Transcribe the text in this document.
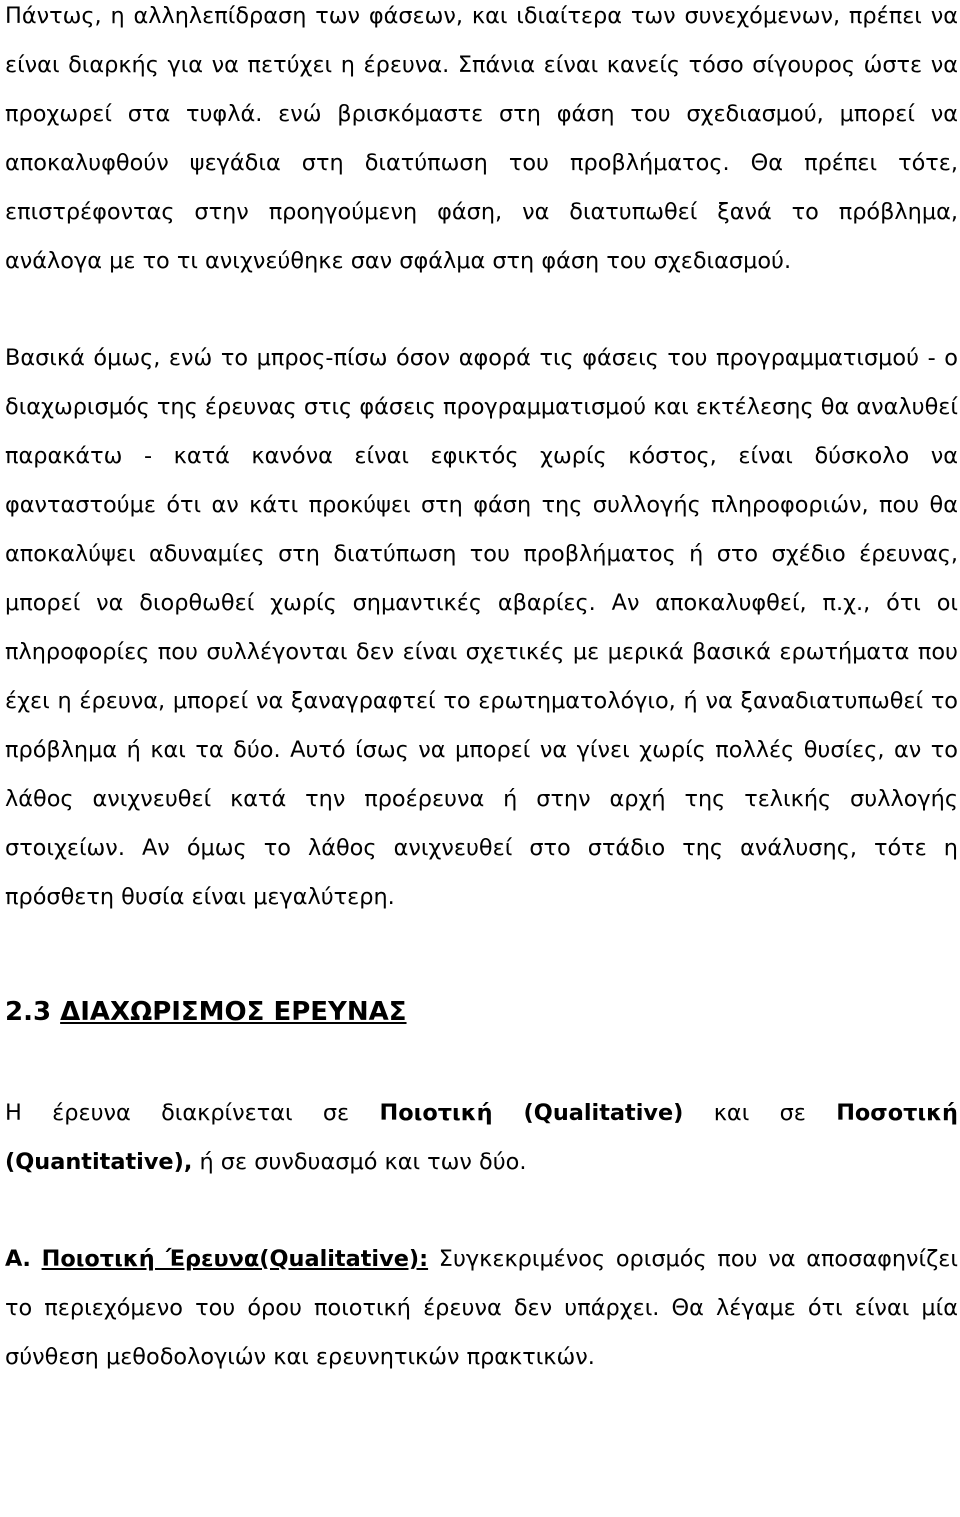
Πάντως, η αλληλεπίδραση των φάσεων, και ιδιαίτερα των συνεχόμενων, πρέπει να είναι διαρκής για να πετύχει η έρευνα. Σπάνια είναι κανείς τόσο σίγουρος ώστε να προχωρεί στα τυφλά. ενώ βρισκόμαστε στη φάση του σχεδιασμού, μπορεί να αποκαλυφθούν ψεγάδια στη διατύπωση του προβλήματος. Θα πρέπει τότε, επιστρέφοντας στην προηγούμενη φάση, να διατυπωθεί ξανά το πρόβλημα, ανάλογα με το τι ανιχνεύθηκε σαν σφάλμα στη φάση του σχεδιασμού.

Βασικά όμως, ενώ το μπρος-πίσω όσον αφορά τις φάσεις του προγραμματισμού - ο διαχωρισμός της έρευνας στις φάσεις προγραμματισμού και εκτέλεσης θα αναλυθεί παρακάτω - κατά κανόνα είναι εφικτός χωρίς κόστος, είναι δύσκολο να φανταστούμε ότι αν κάτι προκύψει στη φάση της συλλογής πληροφοριών, που θα αποκαλύψει αδυναμίες στη διατύπωση του προβλήματος ή στο σχέδιο έρευνας, μπορεί να διορθωθεί χωρίς σημαντικές αβαρίες. Αν αποκαλυφθεί, π.χ., ότι οι πληροφορίες που συλλέγονται δεν είναι σχετικές με μερικά βασικά ερωτήματα που έχει η έρευνα, μπορεί να ξαναγραφτεί το ερωτηματολόγιο, ή να ξαναδιατυπωθεί το πρόβλημα ή και τα δύο. Αυτό ίσως να μπορεί να γίνει χωρίς πολλές θυσίες, αν το λάθος ανιχνευθεί κατά την προέρευνα ή στην αρχή της τελικής συλλογής στοιχείων. Αν όμως το λάθος ανιχνευθεί στο στάδιο της ανάλυσης, τότε η πρόσθετη θυσία είναι μεγαλύτερη.

2.3 ΔΙΑΧΩΡΙΣΜΟΣ ΕΡΕΥΝΑΣ

Η έρευνα διακρίνεται σε Ποιοτική (Qualitative) και σε Ποσοτική (Quantitative), ή σε συνδυασμό και των δύο.

Α. Ποιοτική Έρευνα(Qualitative): Συγκεκριμένος ορισμός που να αποσαφηνίζει το περιεχόμενο του όρου ποιοτική έρευνα δεν υπάρχει. Θα λέγαμε ότι είναι μία σύνθεση μεθοδολογιών και ερευνητικών πρακτικών.
